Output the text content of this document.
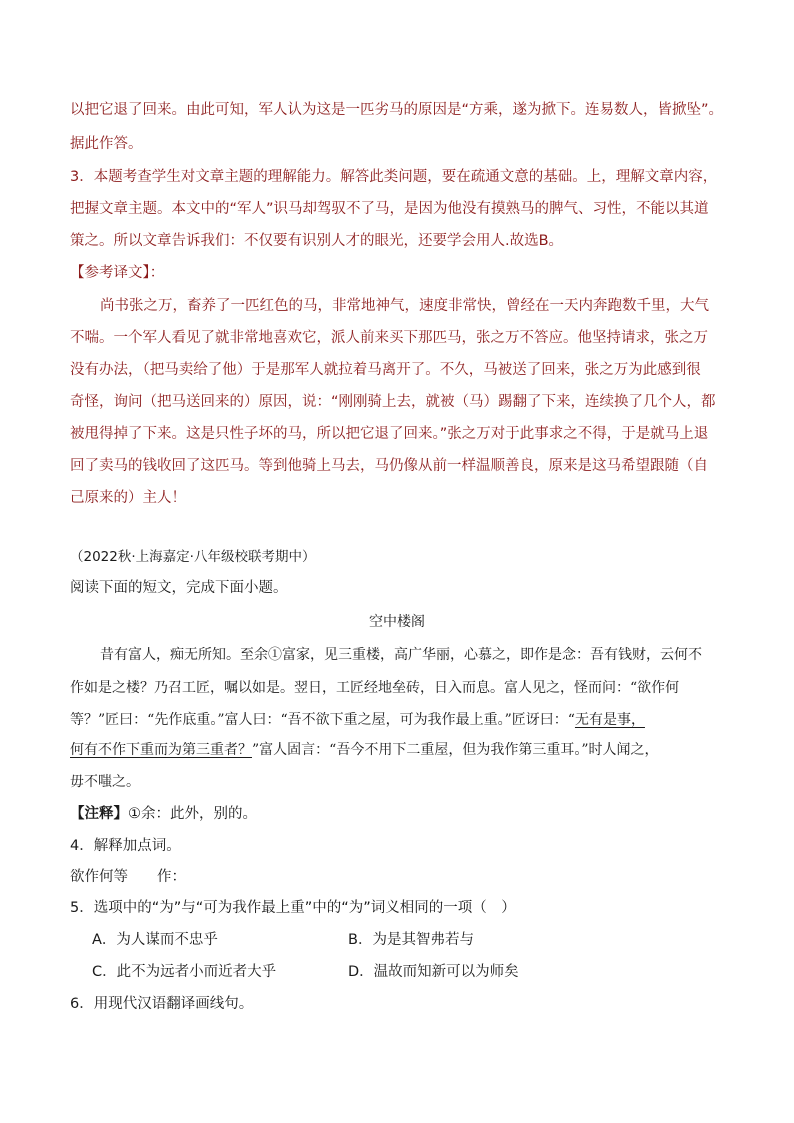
以把它退了回来。由此可知，军人认为这是一匹劣马的原因是“方乘，遂为掀下。连易数人，皆掀坠”。
据此作答。
3．本题考查学生对文章主题的理解能力。解答此类问题，要在疏通文意的基础。上，理解文章内容，
把握文章主题。本文中的“军人”识马却驾驭不了马，是因为他没有摸熟马的脾气、习性，不能以其道
策之。所以文章告诉我们：不仅要有识别人才的眼光，还要学会用人.故选B。
【参考译文】：
尚书张之万，畜养了一匹红色的马，非常地神气，速度非常快，曾经在一天内奔跑数千里，大气
不喘。一个军人看见了就非常地喜欢它，派人前来买下那匹马，张之万不答应。他坚持请求，张之万
没有办法，（把马卖给了他）于是那军人就拉着马离开了。不久，马被送了回来，张之万为此感到很
奇怪，询问（把马送回来的）原因，说：“刚刚骑上去，就被（马）踢翻了下来，连续换了几个人，都
被甩得掉了下来。这是只性子坏的马，所以把它退了回来。”张之万对于此事求之不得，于是就马上退
回了卖马的钱收回了这匹马。等到他骑上马去，马仍像从前一样温顺善良，原来是这马希望跟随（自
己原来的）主人！
（2022秋·上海嘉定·八年级校联考期中）
阅读下面的短文，完成下面小题。
空中楼阁
昔有富人，痴无所知。至余①富家，见三重楼，高广华丽，心慕之，即作是念：吾有钱财，云何不
作如是之楼？乃召工匠，嘱以如是。翌日，工匠经地垒砖，日入而息。富人见之，怪而问：“欲作何
等？”匠曰：“先作底重。”富人曰：“吾不欲下重之屋，可为我作最上重。”匠讶曰：“无有是事，
何有不作下重而为第三重者？”富人固言：“吾今不用下二重屋，但为我作第三重耳。”时人闻之，
毋不嗤之。
【注释】①余：此外，别的。
4．解释加点词。
欲作何等　　作：
5．选项中的“为”与“可为我作最上重”中的“为”词义相同的一项（　）
A．为人谋而不忠乎	B．为是其智弗若与
C．此不为远者小而近者大乎	D．温故而知新可以为师矣
6．用现代汉语翻译画线句。
